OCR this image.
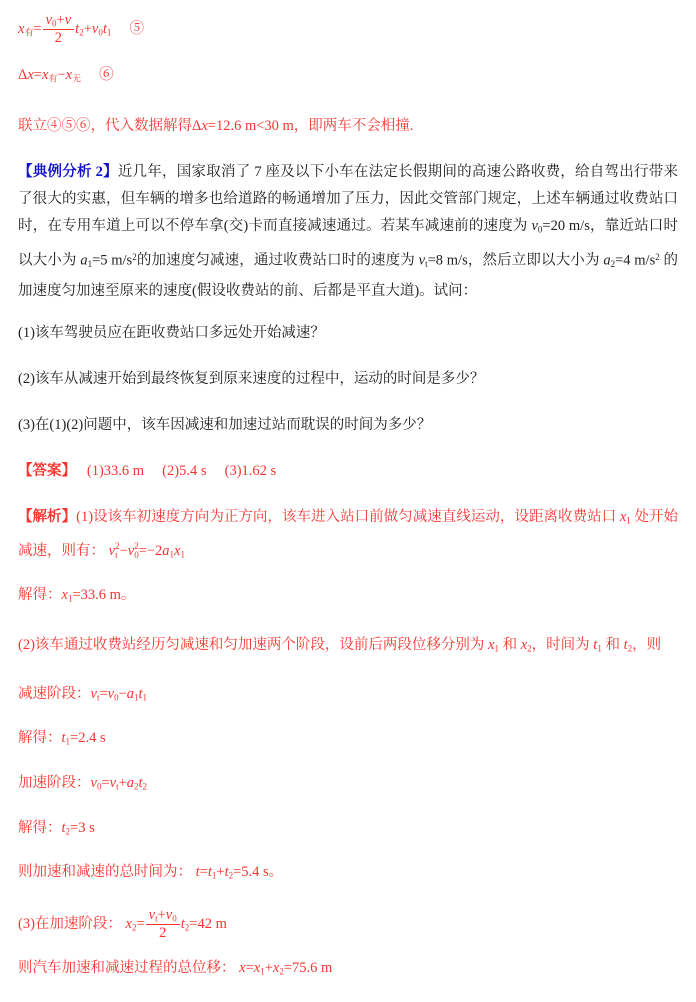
x有= $\frac{v0+v}{2} t2+v0t1$　 ⑤
Δx=x有−x无　 ⑥
联立④⑤⑥，代入数据解得Δx=12.6 m<30 m，即两车不会相撞.
【典例分析 2】近几年，国家取消了 7 座及以下小车在法定长假期间的高速公路收费，给自驾出行带来了很大的实惠，但车辆的增多也给道路的畅通增加了压力，因此交管部门规定，上述车辆通过收费站口时，在专用车道上可以不停车拿(交)卡而直接减速通过。若某车减速前的速度为 v0=20 m/s，靠近站口时以大小为 a1=5 $m/s^2$的加速度匀减速，通过收费站口时的速度为 vt=8 m/s，然后立即以大小为 a2=4 $m/s^2$ 的加速度匀加速至原来的速度(假设收费站的前、后都是平直大道)。试问：
(1)该车驾驶员应在距收费站口多远处开始减速？
(2)该车从减速开始到最终恢复到原来速度的过程中，运动的时间是多少？
(3)在(1)(2)问题中，该车因减速和加速过站而耽误的时间为多少？
【答案】　 (1)33.6 m　 (2)5.4 s　 (3)1.62 s
【解析】(1)设该车初速度方向为正方向，该车进入站口前做匀减速直线运动，设距离收费站口 x1 处开始减速，则有： v 2
t −v 2
0 =−2a1x1
解得：x1=33.6 m。
(2)该车通过收费站经历匀减速和匀加速两个阶段，设前后两段位移分别为 x1 和 x2，时间为 t1 和 t2，则
减速阶段：vt=v0−a1t1
解得：t1=2.4 s
加速阶段：v0=vt+a2t2
解得：t2=3 s
则加速和减速的总时间为： t=t1+t2=5.4 s。
(3)在加速阶段： $x2= \frac{vt+v0}{2} t2=42$ m
则汽车加速和减速过程的总位移： x=x1+x2=75.6 m
